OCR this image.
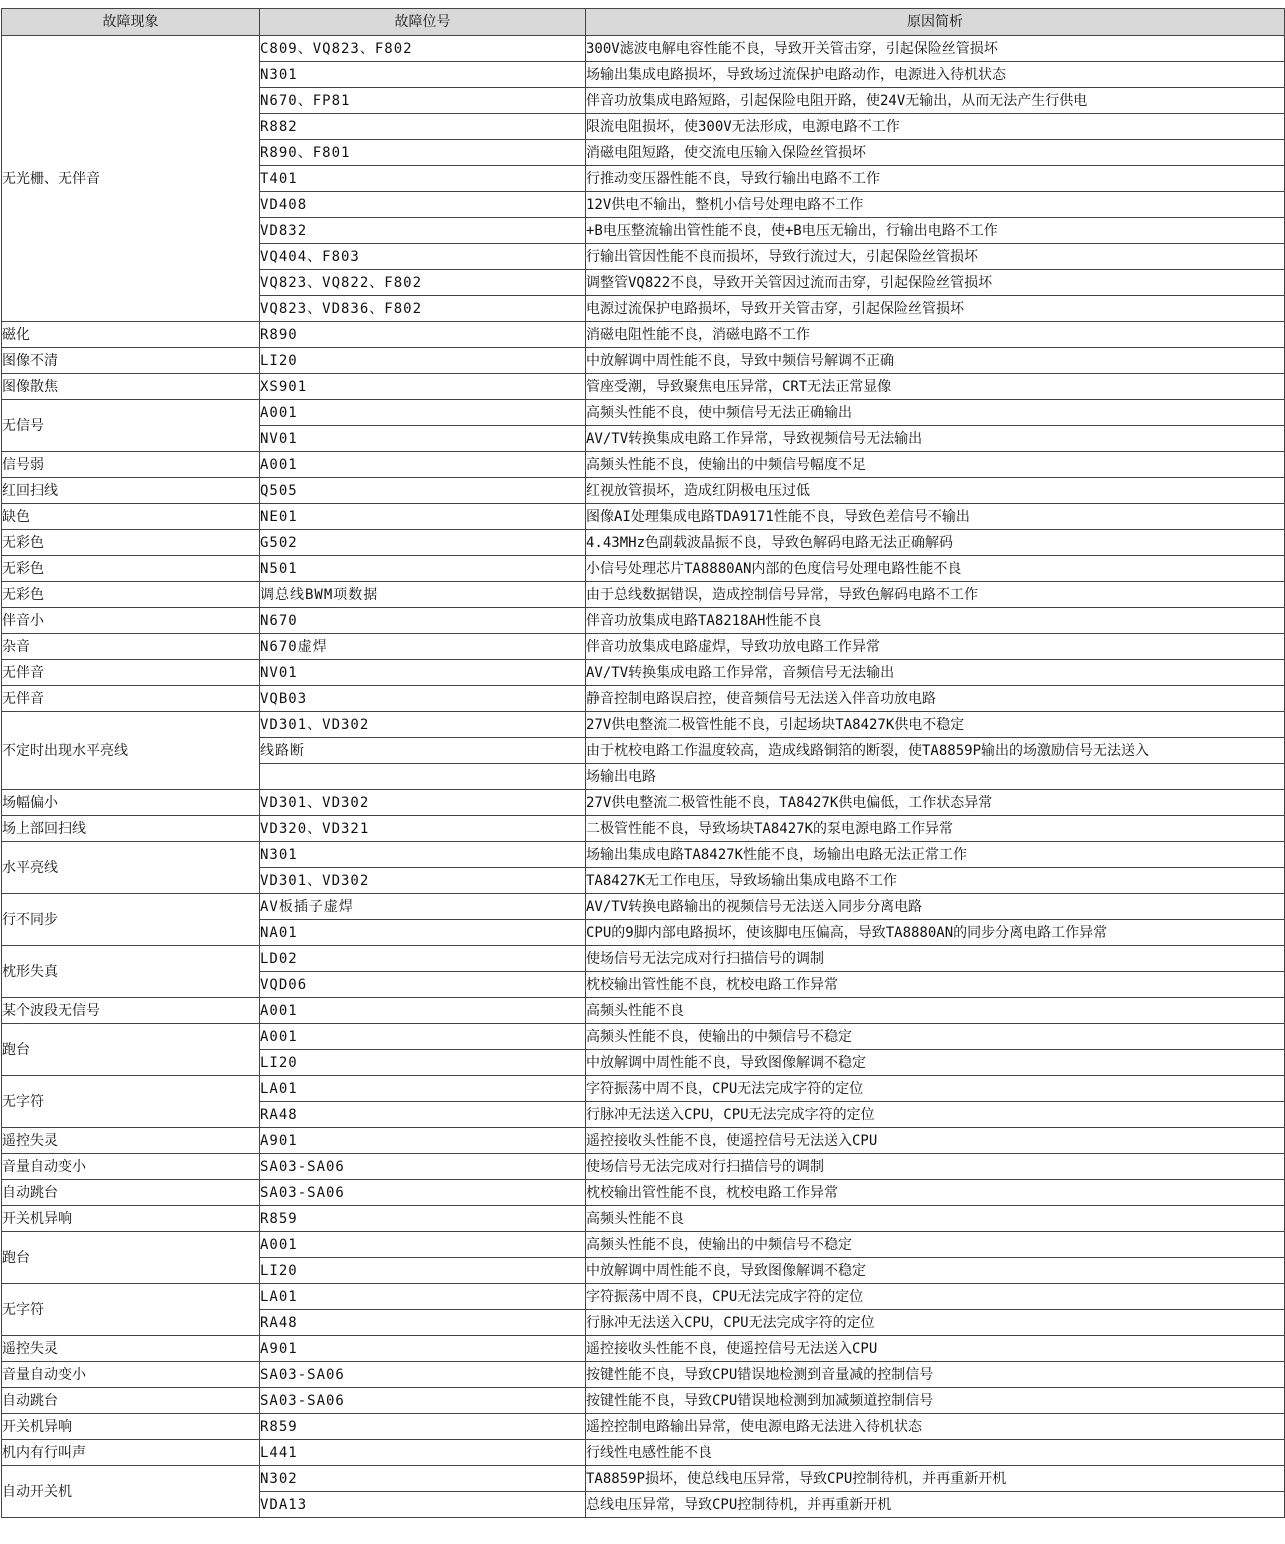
故障现象	故障位号	原因简析
无光栅、无伴音	C809、VQ823、F802	300V滤波电解电容性能不良，导致开关管击穿，引起保险丝管损坏
	N301	场输出集成电路损坏，导致场过流保护电路动作，电源进入待机状态
	N670、FP81	伴音功放集成电路短路，引起保险电阻开路，使24V无输出，从而无法产生行供电
	R882	限流电阻损坏，使300V无法形成，电源电路不工作
	R890、F801	消磁电阻短路，使交流电压输入保险丝管损坏
	T401	行推动变压器性能不良，导致行输出电路不工作
	VD408	12V供电不输出，整机小信号处理电路不工作
	VD832	+B电压整流输出管性能不良，使+B电压无输出，行输出电路不工作
	VQ404、F803	行输出管因性能不良而损坏，导致行流过大，引起保险丝管损坏
	VQ823、VQ822、F802	调整管VQ822不良，导致开关管因过流而击穿，引起保险丝管损坏
	VQ823、VD836、F802	电源过流保护电路损坏，导致开关管击穿，引起保险丝管损坏
磁化	R890	消磁电阻性能不良，消磁电路不工作
图像不清	LI20	中放解调中周性能不良，导致中频信号解调不正确
图像散焦	XS901	管座受潮，导致聚焦电压异常，CRT无法正常显像
无信号	A001	高频头性能不良，使中频信号无法正确输出
	NV01	AV/TV转换集成电路工作异常，导致视频信号无法输出
信号弱	A001	高频头性能不良，使输出的中频信号幅度不足
红回扫线	Q505	红视放管损坏，造成红阴极电压过低
缺色	NE01	图像AI处理集成电路TDA9171性能不良，导致色差信号不输出
无彩色	G502	4.43MHz色副载波晶振不良，导致色解码电路无法正确解码
无彩色	N501	小信号处理芯片TA8880AN内部的色度信号处理电路性能不良
无彩色	调总线BWM项数据	由于总线数据错误，造成控制信号异常，导致色解码电路不工作
伴音小	N670	伴音功放集成电路TA8218AH性能不良
杂音	N670虚焊	伴音功放集成电路虚焊，导致功放电路工作异常
无伴音	NV01	AV/TV转换集成电路工作异常，音频信号无法输出
无伴音	VQB03	静音控制电路误启控，使音频信号无法送入伴音功放电路
不定时出现水平亮线	VD301、VD302	27V供电整流二极管性能不良，引起场块TA8427K供电不稳定
	线路断	由于枕校电路工作温度较高，造成线路铜箔的断裂，使TA8859P输出的场激励信号无法送入
		场输出电路
场幅偏小	VD301、VD302	27V供电整流二极管性能不良，TA8427K供电偏低，工作状态异常
场上部回扫线	VD320、VD321	二极管性能不良，导致场块TA8427K的泵电源电路工作异常
水平亮线	N301	场输出集成电路TA8427K性能不良，场输出电路无法正常工作
	VD301、VD302	TA8427K无工作电压，导致场输出集成电路不工作
行不同步	AV板插子虚焊	AV/TV转换电路输出的视频信号无法送入同步分离电路
	NA01	CPU的9脚内部电路损坏，使该脚电压偏高，导致TA8880AN的同步分离电路工作异常
枕形失真	LD02	使场信号无法完成对行扫描信号的调制
	VQD06	枕校输出管性能不良，枕校电路工作异常
某个波段无信号	A001	高频头性能不良
跑台	A001	高频头性能不良，使输出的中频信号不稳定
	LI20	中放解调中周性能不良，导致图像解调不稳定
无字符	LA01	字符振荡中周不良，CPU无法完成字符的定位
	RA48	行脉冲无法送入CPU，CPU无法完成字符的定位
遥控失灵	A901	遥控接收头性能不良，使遥控信号无法送入CPU
音量自动变小	SA03-SA06	使场信号无法完成对行扫描信号的调制
自动跳台	SA03-SA06	枕校输出管性能不良，枕校电路工作异常
开关机异响	R859	高频头性能不良
跑台	A001	高频头性能不良，使输出的中频信号不稳定
	LI20	中放解调中周性能不良，导致图像解调不稳定
无字符	LA01	字符振荡中周不良，CPU无法完成字符的定位
	RA48	行脉冲无法送入CPU，CPU无法完成字符的定位
遥控失灵	A901	遥控接收头性能不良，使遥控信号无法送入CPU
音量自动变小	SA03-SA06	按键性能不良，导致CPU错误地检测到音量减的控制信号
自动跳台	SA03-SA06	按键性能不良，导致CPU错误地检测到加减频道控制信号
开关机异响	R859	遥控控制电路输出异常，使电源电路无法进入待机状态
机内有行叫声	L441	行线性电感性能不良
自动开关机	N302	TA8859P损坏，使总线电压异常，导致CPU控制待机，并再重新开机
	VDA13	总线电压异常，导致CPU控制待机，并再重新开机
